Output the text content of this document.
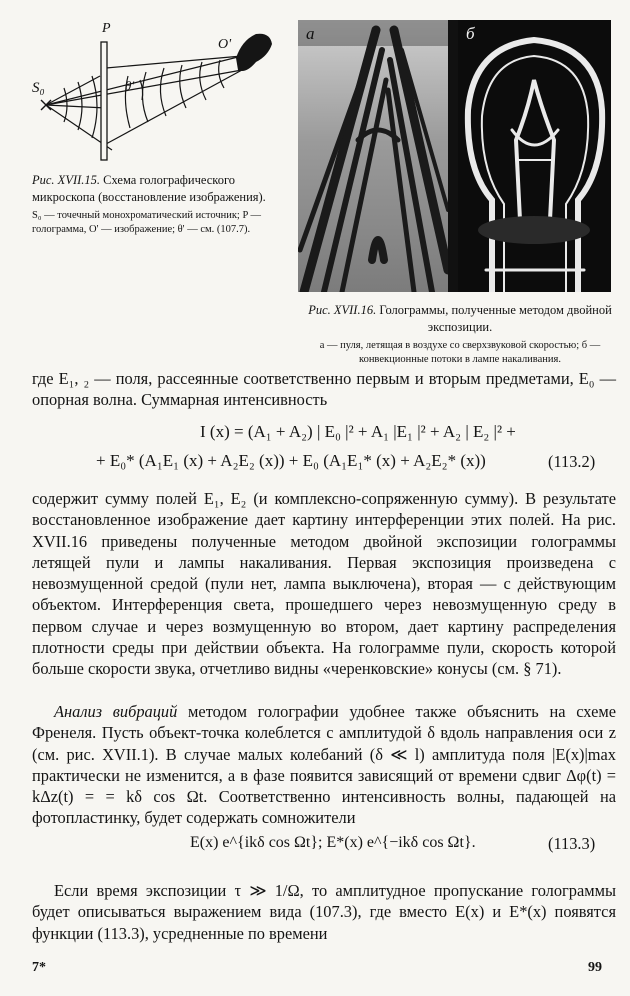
S₀
P
O'
θ'
Рис. XVII.15. Схема голографического микроскопа (восстановление изображения).
S₀ — точечный монохроматический источник; P — голограмма, O' — изображение; θ' — см. (107.7).
а	б
Рис. XVII.16. Голограммы, полученные методом двойной экспозиции.
а — пуля, летящая в воздухе со сверхзвуковой скоростью; б — конвекционные потоки в лампе накаливания.

где E₁, ₂ — поля, рассеянные соответственно первым и вторым предметами, E₀ — опорная волна. Суммарная интенсивность

I (x) = (A₁ + A₂) | E₀ |² + A₁ |E₁ |² + A₂ | E₂ |² +
+ E₀* (A₁E₁ (x) + A₂E₂ (x)) + E₀ (A₁E₁* (x) + A₂E₂* (x))	(113.2)

содержит сумму полей E₁, E₂ (и комплексно-сопряженную сумму). В результате восстановленное изображение дает картину интерференции этих полей. На рис. XVII.16 приведены полученные методом двойной экспозиции голограммы летящей пули и лампы накаливания. Первая экспозиция произведена с невозмущенной средой (пули нет, лампа выключена), вторая — с действующим объектом. Интерференция света, прошедшего через невозмущенную среду в первом случае и через возмущенную во втором, дает картину распределения плотности среды при действии объекта. На голограмме пули, скорость которой больше скорости звука, отчетливо видны «черенковские» конусы (см. § 71).

Анализ вибраций методом голографии удобнее также объяснить на схеме Френеля. Пусть объект-точка колеблется с амплитудой δ вдоль направления оси z (см. рис. XVII.1). В случае малых колебаний (δ ≪ l) амплитуда поля |E(x)|max практически не изменится, а в фазе появится зависящий от времени сдвиг Δφ(t) = kΔz(t) = = kδ cos Ωt. Соответственно интенсивность волны, падающей на фотопластинку, будет содержать сомножители

E(x) e^{ikδ cos Ωt}; E*(x) e^{−ikδ cos Ωt}.	(113.3)

Если время экспозиции τ ≫ 1/Ω, то амплитудное пропускание голограммы будет описываться выражением вида (107.3), где вместо E(x) и E*(x) появятся функции (113.3), усредненные по времени

7*	99
